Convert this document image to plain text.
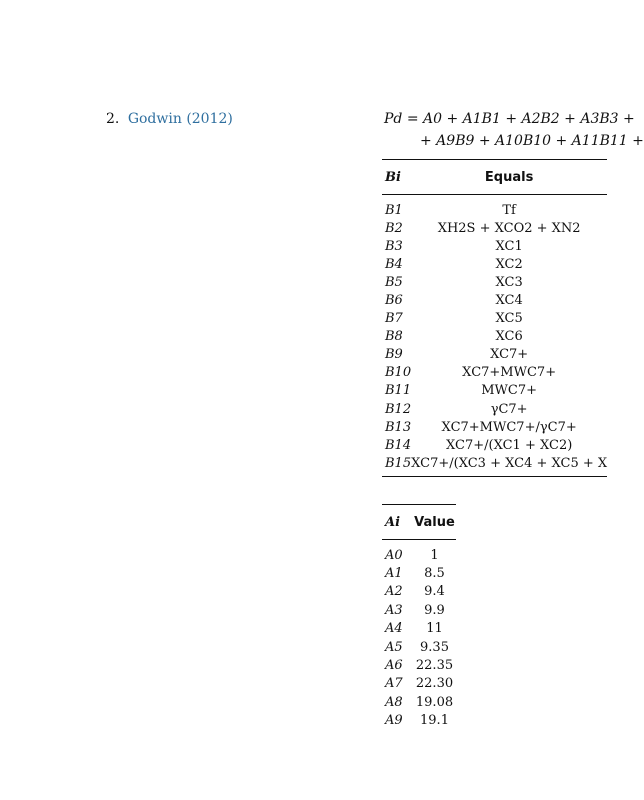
2. Godwin (2012)	Pd = A0 + A1B1 + A2B2 + A3B3 +
+ A9B9 + A10B10 + A11B11 +
Bi	Equals

B1	Tf
B2	XH2S + XCO2 + XN2
B3	XC1
B4	XC2
B5	XC3
B6	XC4
B7	XC5
B8	XC6
B9	XC7+
B10	XC7+MWC7+
B11	MWC7+
B12	γC7+
B13	XC7+MWC7+/γC7+
B14	XC7+/(XC1 + XC2)
B15	XC7+/(XC3 + XC4 + XC5 + X
Ai	Value

A0	1
A1	8.5
A2	9.4
A3	9.9
A4	11
A5	9.35
A6	22.35
A7	22.30
A8	19.08
A9	19.1
